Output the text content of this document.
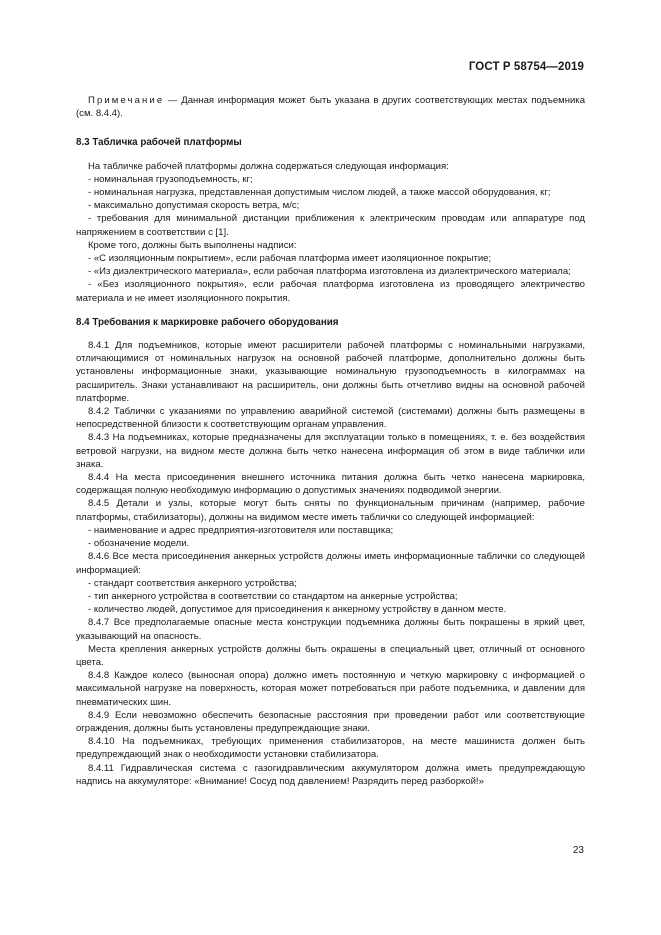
ГОСТ Р 58754—2019

Примечание — Данная информация может быть указана в других соответствующих местах подъемника (см. 8.4.4).

8.3 Табличка рабочей платформы

На табличке рабочей платформы должна содержаться следующая информация:

- номинальная грузоподъемность, кг;

- номинальная нагрузка, представленная допустимым числом людей, а также массой оборудования, кг;

- максимально допустимая скорость ветра, м/с;

- требования для минимальной дистанции приближения к электрическим проводам или аппаратуре под напряжением в соответствии с [1].

Кроме того, должны быть выполнены надписи:

- «С изоляционным покрытием», если рабочая платформа имеет изоляционное покрытие;

- «Из диэлектрического материала», если рабочая платформа изготовлена из диэлектрического материала;

- «Без изоляционного покрытия», если рабочая платформа изготовлена из проводящего электричество материала и не имеет изоляционного покрытия.

8.4 Требования к маркировке рабочего оборудования

8.4.1 Для подъемников, которые имеют расширители рабочей платформы с номинальными нагрузками, отличающимися от номинальных нагрузок на основной рабочей платформе, дополнительно должны быть установлены информационные знаки, указывающие номинальную грузоподъемность в килограммах на расширитель. Знаки устанавливают на расширитель, они должны быть отчетливо видны на основной рабочей платформе.

8.4.2 Таблички с указаниями по управлению аварийной системой (системами) должны быть размещены в непосредственной близости к соответствующим органам управления.

8.4.3 На подъемниках, которые предназначены для эксплуатации только в помещениях, т. е. без воздействия ветровой нагрузки, на видном месте должна быть четко нанесена информация об этом в виде таблички или знака.

8.4.4 На места присоединения внешнего источника питания должна быть четко нанесена маркировка, содержащая полную необходимую информацию о допустимых значениях подводимой энергии.

8.4.5 Детали и узлы, которые могут быть сняты по функциональным причинам (например, рабочие платформы, стабилизаторы), должны на видимом месте иметь таблички со следующей информацией:

- наименование и адрес предприятия-изготовителя или поставщика;

- обозначение модели.

8.4.6 Все места присоединения анкерных устройств должны иметь информационные таблички со следующей информацией:

- стандарт соответствия анкерного устройства;

- тип анкерного устройства в соответствии со стандартом на анкерные устройства;

- количество людей, допустимое для присоединения к анкерному устройству в данном месте.

8.4.7 Все предполагаемые опасные места конструкции подъемника должны быть покрашены в яркий цвет, указывающий на опасность.

Места крепления анкерных устройств должны быть окрашены в специальный цвет, отличный от основного цвета.

8.4.8 Каждое колесо (выносная опора) должно иметь постоянную и четкую маркировку с информацией о максимальной нагрузке на поверхность, которая может потребоваться при работе подъемника, и давлении для пневматических шин.

8.4.9 Если невозможно обеспечить безопасные расстояния при проведении работ или соответствующие ограждения, должны быть установлены предупреждающие знаки.

8.4.10 На подъемниках, требующих применения стабилизаторов, на месте машиниста должен быть предупреждающий знак о необходимости установки стабилизатора.

8.4.11 Гидравлическая система с газогидравлическим аккумулятором должна иметь предупреждающую надпись на аккумуляторе: «Внимание! Сосуд под давлением! Разрядить перед разборкой!»

23
